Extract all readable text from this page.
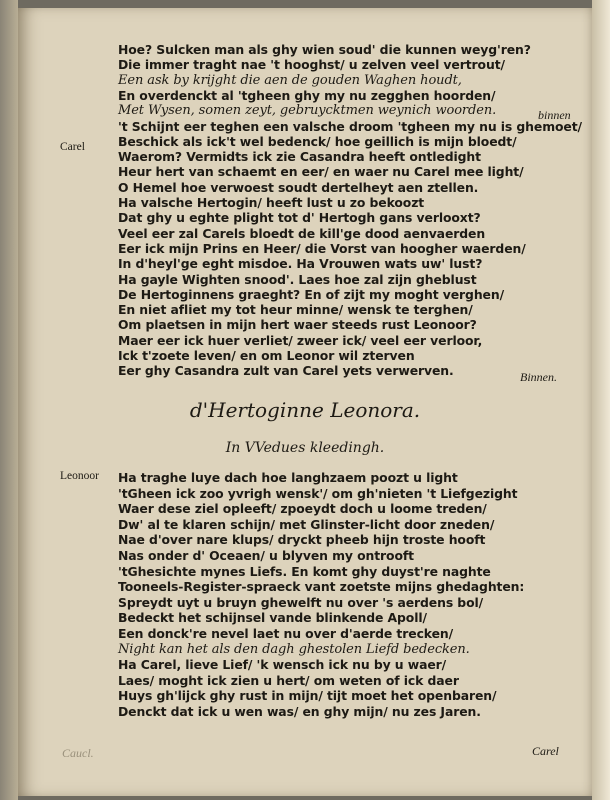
Hoe? Sulcken man als ghy wien soud' die kunnen weyg'ren?
Die immer traght nae 't hooghst/ u zelven veel vertrout/
Een ask by krijght die aen de gouden Waghen houdt,
En overdenckt al 'tgheen ghy my nu zegghen hoorden/
Met Wysen, somen zeyt, gebruycktmen weynich woorden.
't Schijnt eer teghen een valsche droom 'tgheen my nu is ghemoet/
Beschick als ick't wel bedenck/ hoe geillich is mijn bloedt/
Waerom? Vermidts ick zie Casandra heeft ontledight
Heur hert van schaemt en eer/ en waer nu Carel mee light/
O Hemel hoe verwoest soudt dertelheyt aen ztellen.
Ha valsche Hertogin/ heeft lust u zo bekoozt
Dat ghy u eghte plight tot d' Hertogh gans verlooxt?
Veel eer zal Carels bloedt de kill'ge dood aenvaerden
Eer ick mijn Prins en Heer/ die Vorst van hoogher waerden/
In d'heyl'ge eght misdoe. Ha Vrouwen wats uw' lust?
Ha gayle Wighten snood'. Laes hoe zal zijn gheblust
De Hertoginnens graeght? En of zijt my moght verghen/
En niet afliet my tot heur minne/ wensk te terghen/
Om plaetsen in mijn hert waer steeds rust Leonoor?
Maer eer ick huer verliet/ zweer ick/ veel eer verloor,
Ick t'zoete leven/ en om Leonor wil zterven
Eer ghy Casandra zult van Carel yets verwerven.
Carel
binnen
Binnen.
d'Hertoginne Leonora.
In VVedues kleedingh.
Leonoor Ha traghe luye dach hoe langhzaem poozt u light
'tGheen ick zoo yvrigh wensk'/ om gh'nieten 't Liefgezight
Waer dese ziel opleeft/ zpoeydt doch u loome treden/
Dw' al te klaren schijn/ met Glinster-licht door zneden/
Nae d'over nare klups/ dryckt pheeb hijn troste hooft
Nas onder d' Oceaen/ u blyven my ontrooft
'tGhesichte mynes Liefs. En komt ghy duyst're naghte
Tooneels-Register-spraeck vant zoetste mijns ghedaghten:
Spreydt uyt u bruyn ghewelft nu over 's aerdens bol/
Bedeckt het schijnsel vande blinkende Apoll/
Een donck're nevel laet nu over d'aerde trecken/
Night kan het als den dagh ghestolen Liefd bedecken.
Ha Carel, lieve Lief/ 'k wensch ick nu by u waer/
Laes/ moght ick zien u hert/ om weten of ick daer
Huys gh'lijck ghy rust in mijn/ tijt moet het openbaren/
Denckt dat ick u wen was/ en ghy mijn/ nu zes Jaren.
Carel
Caucl.
